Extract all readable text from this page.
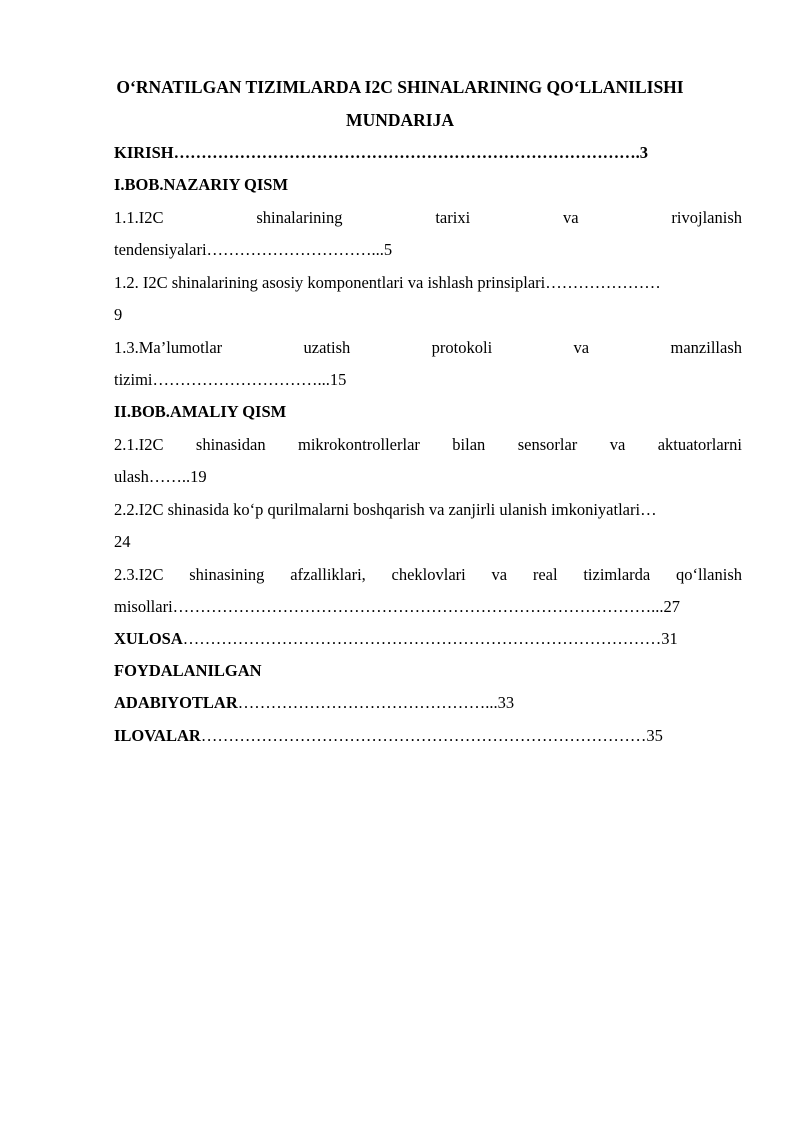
O‘RNATILGAN TIZIMLARDA I2C SHINALARINING QO‘LLANILISHI
MUNDARIJA
KIRISH………………………………………………………………………….3
I.BOB.NAZARIY QISM
1.1.I2C shinalarining tarixi va rivojlanish
tendensiyalari…………………………...5
1.2. I2C shinalarining asosiy komponentlari va ishlash prinsiplari…………………
9
1.3.Ma’lumotlar uzatish protokoli va manzillash
tizimi…………………………...15
II.BOB.AMALIY QISM
2.1.I2C shinasidan mikrokontrollerlar bilan sensorlar va aktuatorlarni
ulash……..19
2.2.I2C shinasida ko‘p qurilmalarni boshqarish va zanjirli ulanish imkoniyatlari…
24
2.3.I2C shinasining afzalliklari, cheklovlari va real tizimlarda qo‘llanish
misollari……………………………………………………………………………...27
XULOSA……………………………………………………………………………31
FOYDALANILGAN
ADABIYOTLAR………………………………………...33
ILOVALAR………………………………………………………………………35
